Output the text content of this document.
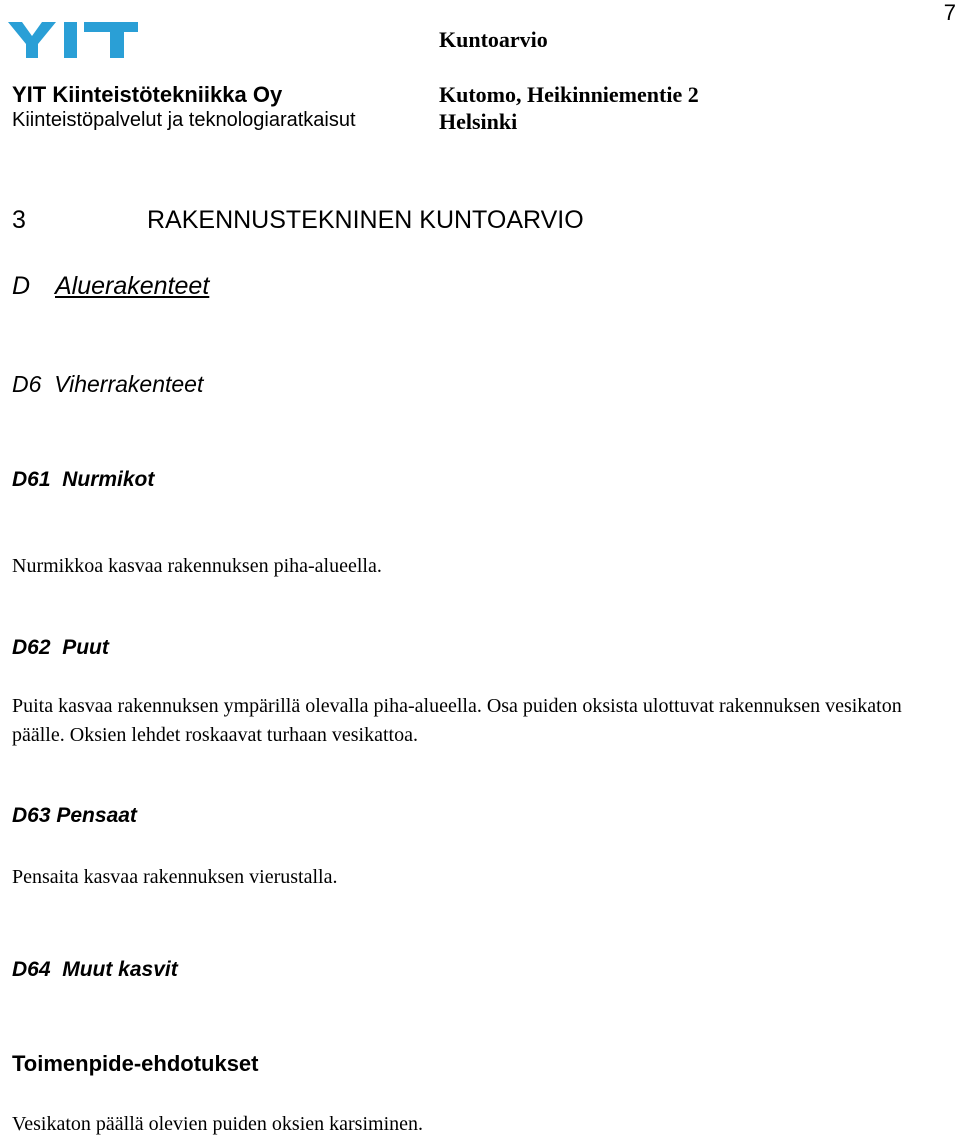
7
Kuntoarvio
YIT Kiinteistötekniikka Oy
Kiinteistöpalvelut ja teknologiaratkaisut
Kutomo, Heikinniementie 2
Helsinki
3	RAKENNUSTEKNINEN KUNTOARVIO
D Aluerakenteet
D6 Viherrakenteet
D61 Nurmikot
Nurmikkoa kasvaa rakennuksen piha-alueella.
D62 Puut
Puita kasvaa rakennuksen ympärillä olevalla piha-alueella. Osa puiden oksista ulottuvat rakennuksen vesikaton päälle. Oksien lehdet roskaavat turhaan vesikattoa.
D63 Pensaat
Pensaita kasvaa rakennuksen vierustalla.
D64 Muut kasvit
Toimenpide-ehdotukset
Vesikaton päällä olevien puiden oksien karsiminen.
